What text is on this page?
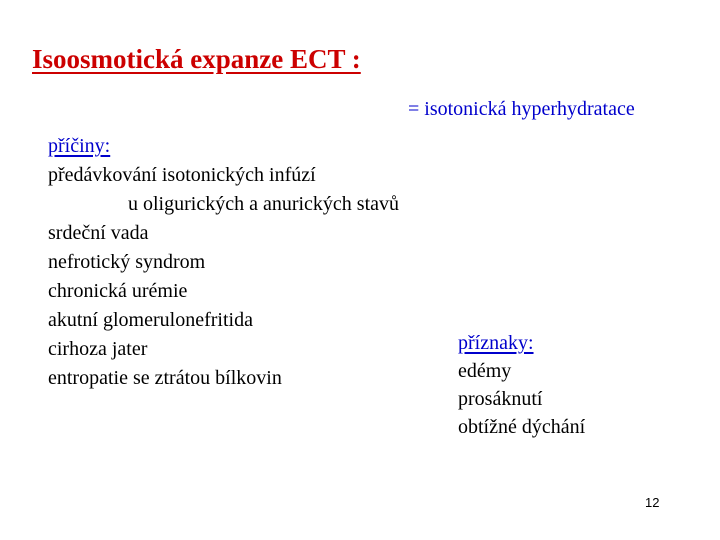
Isoosmotická expanze ECT :
= isotonická hyperhydratace
příčiny:
předávkování isotonických infúzí
u oligurických a anurických stavů
srdeční vada
nefrotický syndrom
chronická urémie
akutní glomerulonefritida
cirhoza jater
entropatie se ztrátou bílkovin
příznaky:
edémy
prosáknutí
obtížné dýchání
12
